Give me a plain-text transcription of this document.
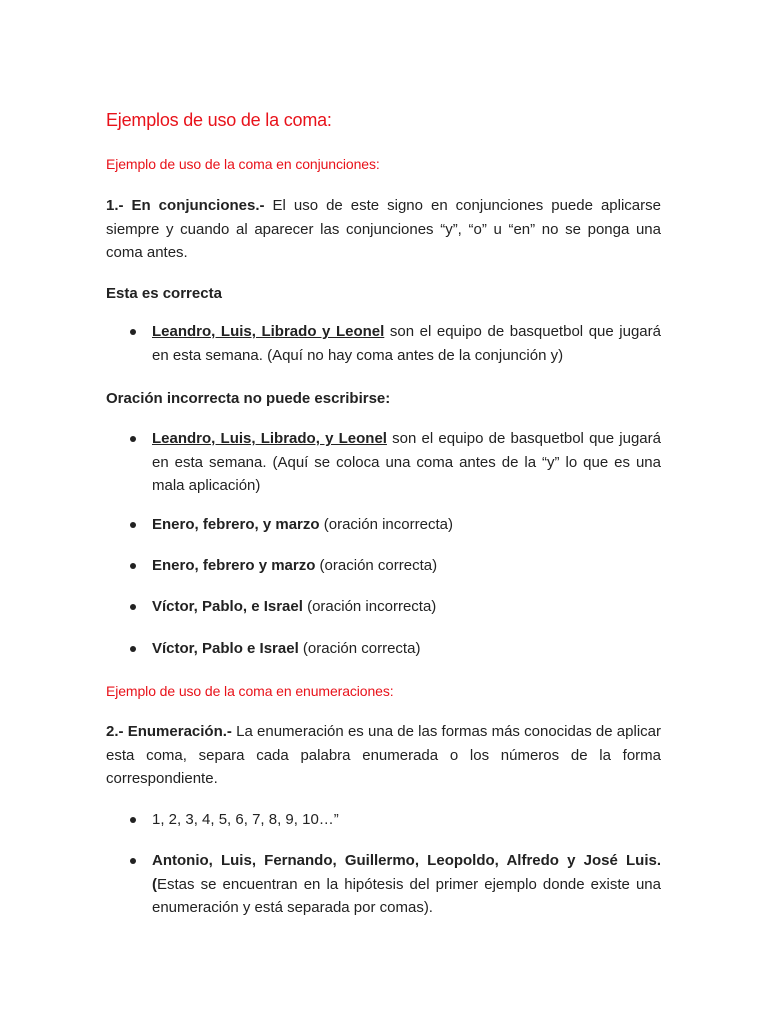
Ejemplos de uso de la coma:

Ejemplo de uso de la coma en conjunciones:

1.- En conjunciones.- El uso de este signo en conjunciones puede aplicarse siempre y cuando al aparecer las conjunciones “y”, “o” u “en” no se ponga una coma antes.

Esta es correcta

Leandro, Luis, Librado y Leonel son el equipo de basquetbol que jugará en esta semana. (Aquí no hay coma antes de la conjunción y)

Oración incorrecta no puede escribirse:

Leandro, Luis, Librado, y Leonel son el equipo de basquetbol que jugará en esta semana. (Aquí se coloca una coma antes de la “y” lo que es una mala aplicación)
Enero, febrero, y marzo (oración incorrecta)
Enero, febrero y marzo (oración correcta)
Víctor, Pablo, e Israel (oración incorrecta)
Víctor, Pablo e Israel (oración correcta)

Ejemplo de uso de la coma en enumeraciones:

2.- Enumeración.- La enumeración es una de las formas más conocidas de aplicar esta coma, separa cada palabra enumerada o los números de la forma correspondiente.

1, 2, 3, 4, 5, 6, 7, 8, 9, 10…”
Antonio, Luis, Fernando, Guillermo, Leopoldo, Alfredo y José Luis. (Estas se encuentran en la hipótesis del primer ejemplo donde existe una enumeración y está separada por comas).
